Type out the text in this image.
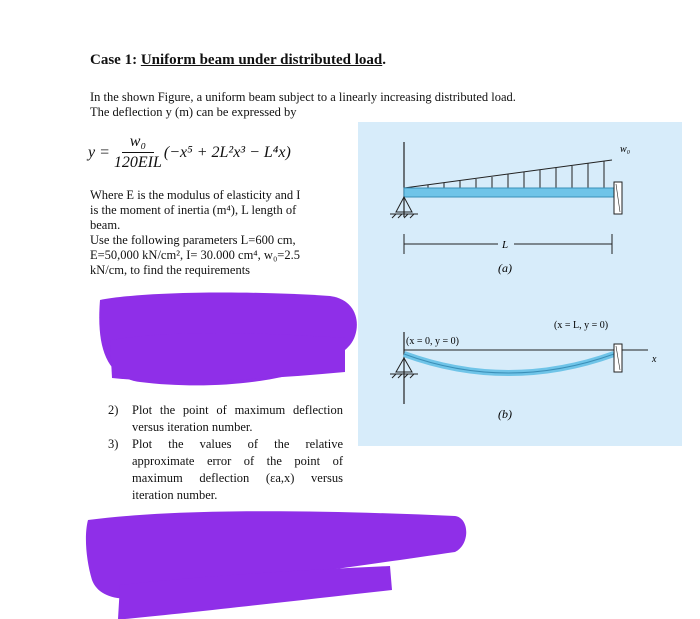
Case 1: Uniform beam under distributed load.
In the shown Figure, a uniform beam subject to a linearly increasing distributed load.
The deflection y (m) can be expressed by
y =
w₀
120EIL
(−x⁵ + 2L²x³ − L⁴x)
Where E is the modulus of elasticity and I
is the moment of inertia (m⁴), L length of
beam.
Use the following parameters L=600 cm,
E=50,000 kN/cm², I= 30.000 cm⁴, w₀=2.5
kN/cm, to find the requirements
2)	Plot the point of maximum deflection versus iteration number.
3)	Plot the values of the relative approximate error of the point of maximum deflection (εa,x) versus iteration number.
w₀
L
(a)
(x = 0, y = 0)
(x = L, y = 0)
x
(b)
